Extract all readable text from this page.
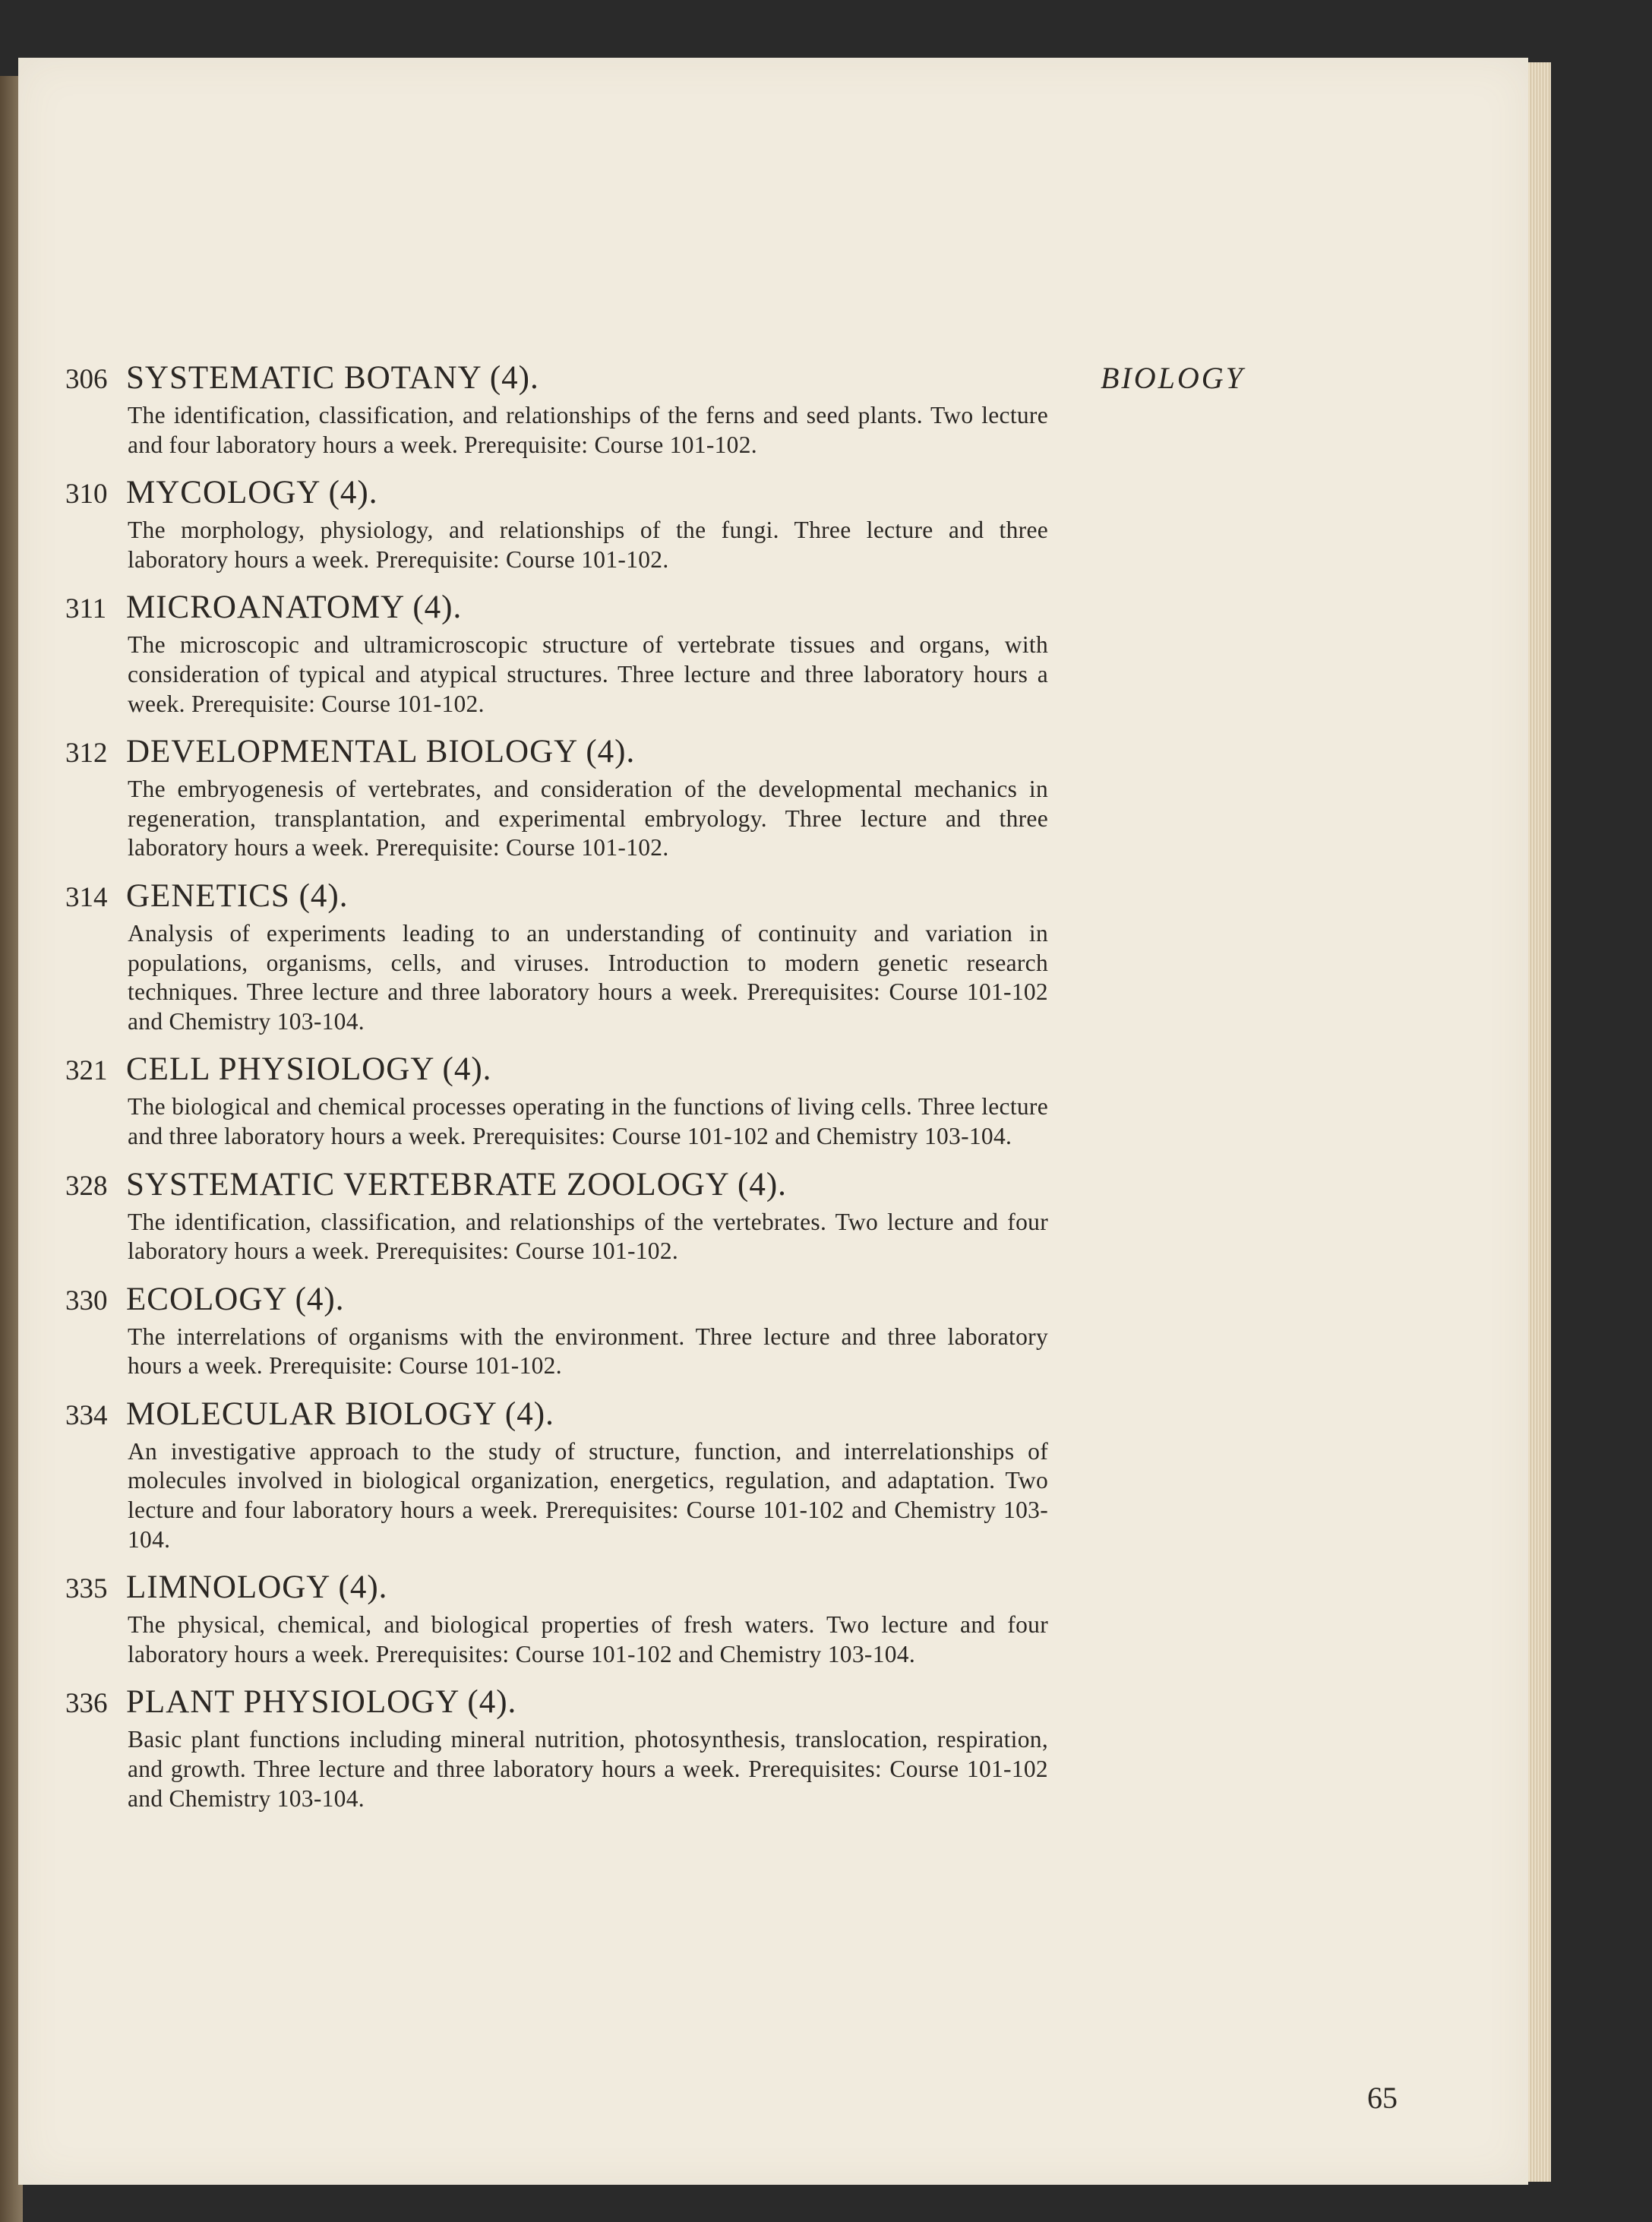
BIOLOGY
306 SYSTEMATIC BOTANY (4).
The identification, classification, and relationships of the ferns and seed plants. Two lecture and four laboratory hours a week. Prerequisite: Course 101-102.
310 MYCOLOGY (4).
The morphology, physiology, and relationships of the fungi. Three lecture and three laboratory hours a week. Prerequisite: Course 101-102.
311 MICROANATOMY (4).
The microscopic and ultramicroscopic structure of vertebrate tissues and organs, with consideration of typical and atypical structures. Three lecture and three laboratory hours a week. Prerequisite: Course 101-102.
312 DEVELOPMENTAL BIOLOGY (4).
The embryogenesis of vertebrates, and consideration of the developmental mechanics in regeneration, transplantation, and experimental embryology. Three lecture and three laboratory hours a week. Prerequisite: Course 101-102.
314 GENETICS (4).
Analysis of experiments leading to an understanding of continuity and variation in populations, organisms, cells, and viruses. Introduction to modern genetic research techniques. Three lecture and three laboratory hours a week. Prerequisites: Course 101-102 and Chemistry 103-104.
321 CELL PHYSIOLOGY (4).
The biological and chemical processes operating in the functions of living cells. Three lecture and three laboratory hours a week. Prerequisites: Course 101-102 and Chemistry 103-104.
328 SYSTEMATIC VERTEBRATE ZOOLOGY (4).
The identification, classification, and relationships of the vertebrates. Two lecture and four laboratory hours a week. Prerequisites: Course 101-102.
330 ECOLOGY (4).
The interrelations of organisms with the environment. Three lecture and three laboratory hours a week. Prerequisite: Course 101-102.
334 MOLECULAR BIOLOGY (4).
An investigative approach to the study of structure, function, and interrelationships of molecules involved in biological organization, energetics, regulation, and adaptation. Two lecture and four laboratory hours a week. Prerequisites: Course 101-102 and Chemistry 103-104.
335 LIMNOLOGY (4).
The physical, chemical, and biological properties of fresh waters. Two lecture and four laboratory hours a week. Prerequisites: Course 101-102 and Chemistry 103-104.
336 PLANT PHYSIOLOGY (4).
Basic plant functions including mineral nutrition, photosynthesis, translocation, respiration, and growth. Three lecture and three laboratory hours a week. Prerequisites: Course 101-102 and Chemistry 103-104.
65
